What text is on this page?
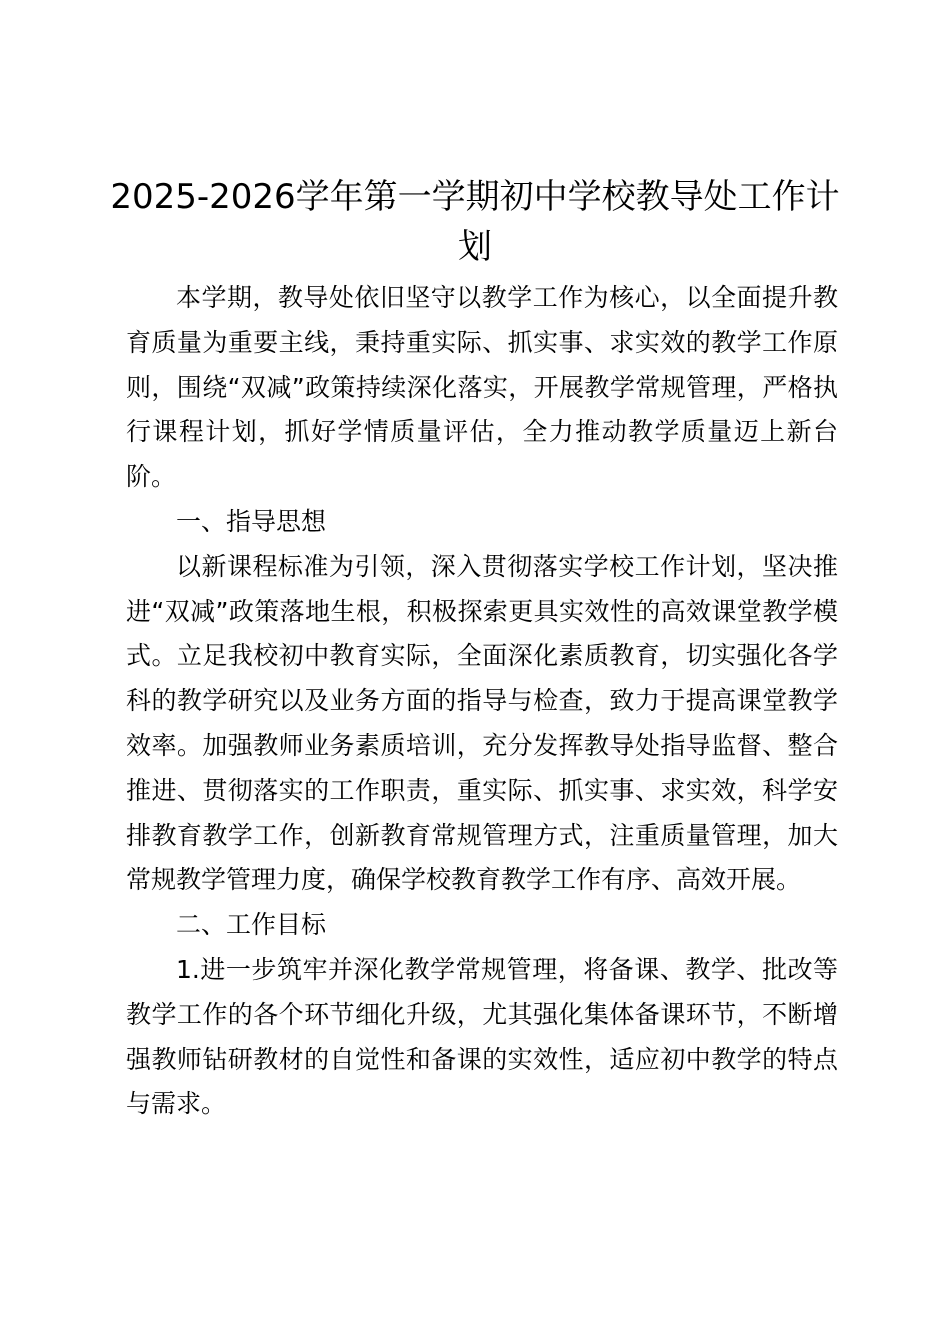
2025-2026学年第一学期初中学校教导处工作计划

本学期，教导处依旧坚守以教学工作为核心，以全面提升教育质量为重要主线，秉持重实际、抓实事、求实效的教学工作原则，围绕“双减”政策持续深化落实，开展教学常规管理，严格执行课程计划，抓好学情质量评估，全力推动教学质量迈上新台阶。

一、指导思想

以新课程标准为引领，深入贯彻落实学校工作计划，坚决推进“双减”政策落地生根，积极探索更具实效性的高效课堂教学模式。立足我校初中教育实际，全面深化素质教育，切实强化各学科的教学研究以及业务方面的指导与检查，致力于提高课堂教学效率。加强教师业务素质培训，充分发挥教导处指导监督、整合推进、贯彻落实的工作职责，重实际、抓实事、求实效，科学安排教育教学工作，创新教育常规管理方式，注重质量管理，加大常规教学管理力度，确保学校教育教学工作有序、高效开展。

二、工作目标

1.进一步筑牢并深化教学常规管理，将备课、教学、批改等教学工作的各个环节细化升级，尤其强化集体备课环节，不断增强教师钻研教材的自觉性和备课的实效性，适应初中教学的特点与需求。
